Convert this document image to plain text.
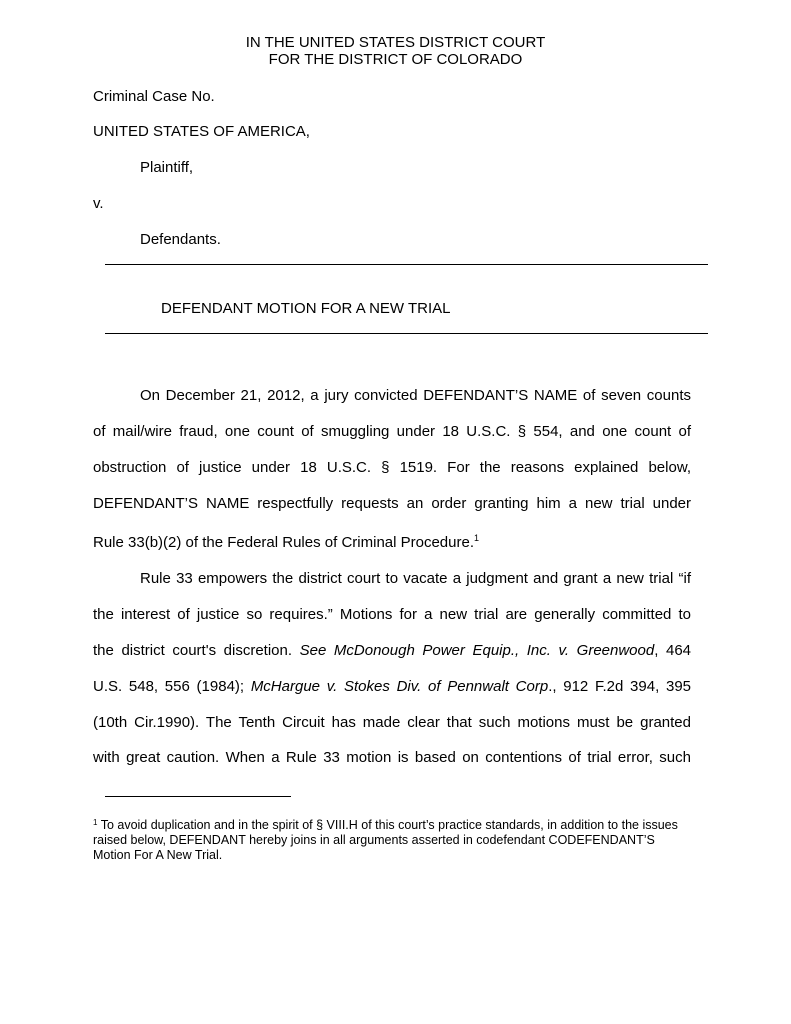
IN THE UNITED STATES DISTRICT COURT
FOR THE DISTRICT OF COLORADO
Criminal Case No.
UNITED STATES OF AMERICA,
Plaintiff,
v.
Defendants.
DEFENDANT MOTION FOR A NEW TRIAL
On December 21, 2012, a jury convicted DEFENDANT’S NAME of seven counts
of mail/wire fraud, one count of smuggling under 18 U.S.C. § 554, and one count of
obstruction of justice under 18 U.S.C. § 1519. For the reasons explained below,
DEFENDANT’S NAME respectfully requests an order granting him a new trial under
Rule 33(b)(2) of the Federal Rules of Criminal Procedure.$^1$
Rule 33 empowers the district court to vacate a judgment and grant a new trial “if
the interest of justice so requires.” Motions for a new trial are generally committed to
the district court's discretion. See McDonough Power Equip., Inc. v. Greenwood, 464
U.S. 548, 556 (1984); McHargue v. Stokes Div. of Pennwalt Corp., 912 F.2d 394, 395
(10th Cir.1990). The Tenth Circuit has made clear that such motions must be granted
with great caution. When a Rule 33 motion is based on contentions of trial error, such
$^1$ To avoid duplication and in the spirit of § VIII.H of this court’s practice standards, in addition to the issues raised below, DEFENDANT hereby joins in all arguments asserted in codefendant CODEFENDANT’S Motion For A New Trial.
